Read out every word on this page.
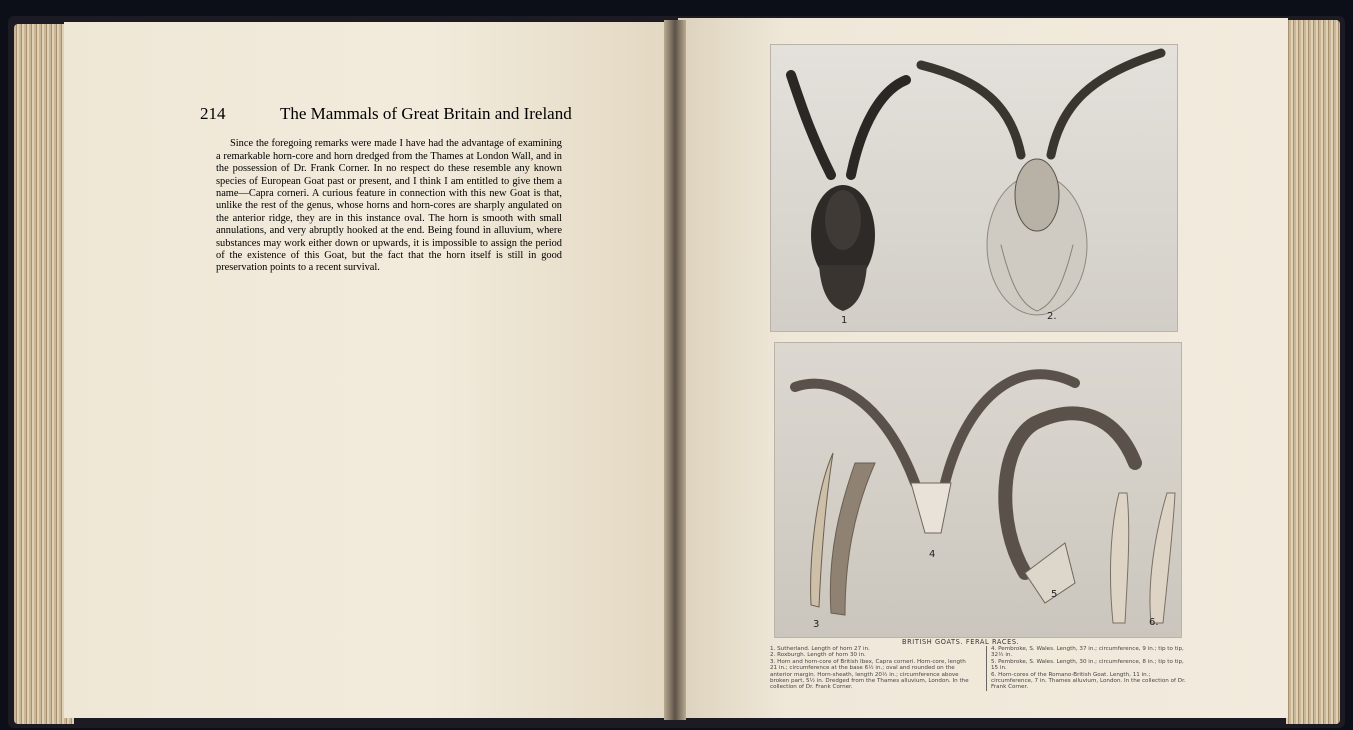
214	The Mammals of Great Britain and Ireland

Since the foregoing remarks were made I have had the advantage of examining a remarkable horn-core and horn dredged from the Thames at London Wall, and in the possession of Dr. Frank Corner. In no respect do these resemble any known species of European Goat past or present, and I think I am entitled to give them a name—Capra corneri. A curious feature in connection with this new Goat is that, unlike the rest of the genus, whose horns and horn-cores are sharply angulated on the anterior ridge, they are in this instance oval. The horn is smooth with small annulations, and very abruptly hooked at the end. Being found in alluvium, where substances may work either down or upwards, it is impossible to assign the period of the existence of this Goat, but the fact that the horn itself is still in good preservation points to a recent survival.

1	2.
3
4
5
6.
BRITISH GOATS. FERAL RACES.

1. Sutherland. Length of horn 27 in.

2. Roxburgh. Length of horn 30 in.

3. Horn and horn-core of British Ibex, Capra corneri. Horn-core, length 21 in.; circumference at the base 6½ in.; oval and rounded on the anterior margin. Horn-sheath, length 20½ in.; circumference above broken part, 5½ in. Dredged from the Thames alluvium, London. In the collection of Dr. Frank Corner.

4. Pembroke, S. Wales. Length, 37 in.; circumference, 9 in.; tip to tip, 32½ in.

5. Pembroke, S. Wales. Length, 30 in.; circumference, 8 in.; tip to tip, 15 in.

6. Horn-cores of the Romano-British Goat. Length, 11 in.; circumference, 7 in. Thames alluvium, London. In the collection of Dr. Frank Corner.
